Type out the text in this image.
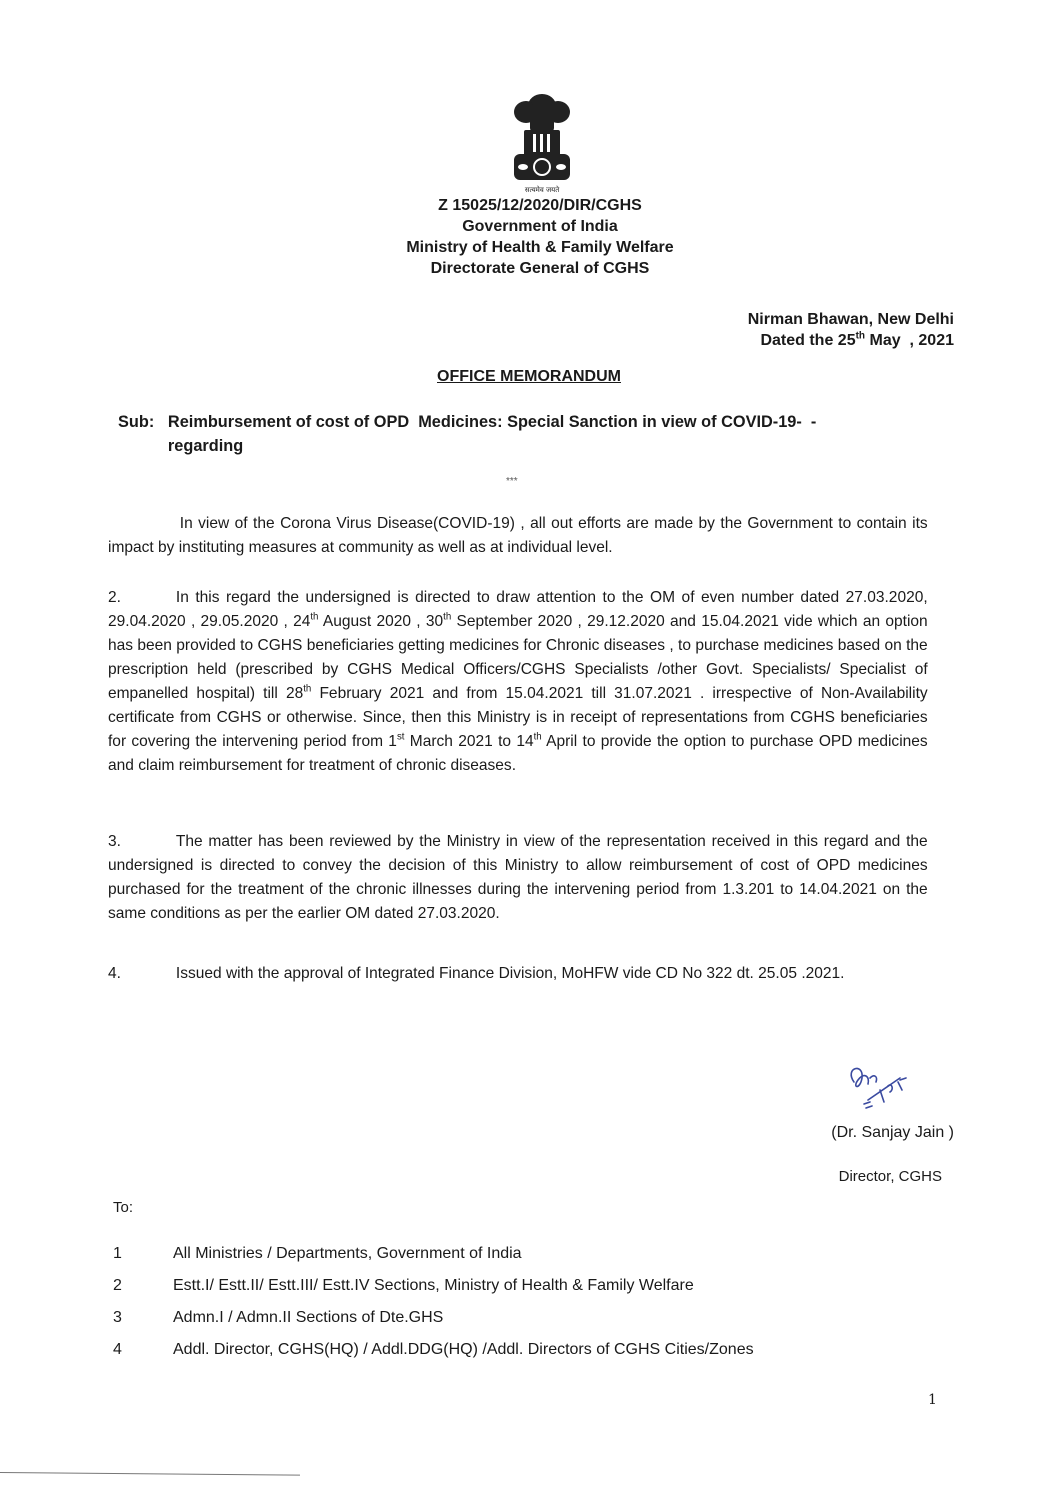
सत्यमेव जयते
Z 15025/12/2020/DIR/CGHS
Government of India
Ministry of Health & Family Welfare
Directorate General of CGHS
Nirman Bhawan, New Delhi
Dated the 25th May  , 2021
OFFICE MEMORANDUM
Sub: Reimbursement of cost of OPD  Medicines: Special Sanction in view of COVID-19-  -
regarding
***
In view of the Corona Virus Disease(COVID-19) , all out efforts are made by the Government to contain its impact by instituting measures at community as well as at individual level.
2.	In this regard the undersigned is directed to draw attention to the OM of even number dated 27.03.2020, 29.04.2020 , 29.05.2020 , 24th August 2020 , 30th September 2020 , 29.12.2020 and 15.04.2021 vide which an option has been provided to CGHS beneficiaries getting medicines for Chronic diseases , to purchase medicines based on the prescription held (prescribed by CGHS Medical Officers/CGHS Specialists /other Govt. Specialists/ Specialist of empanelled hospital) till 28th February 2021 and from 15.04.2021 till 31.07.2021 . irrespective of Non-Availability certificate from CGHS or otherwise. Since, then this Ministry is in receipt of representations from CGHS beneficiaries for covering the intervening period from 1st March 2021 to 14th April to provide the option to purchase OPD medicines and claim reimbursement for treatment of chronic diseases.
3.	The matter has been reviewed by the Ministry in view of the representation received in this regard and the undersigned is directed to convey the decision of this Ministry to allow reimbursement of cost of OPD medicines purchased for the treatment of the chronic illnesses during the intervening period from 1.3.201 to 14.04.2021 on the same conditions as per the earlier OM dated 27.03.2020.
4.	Issued with the approval of Integrated Finance Division, MoHFW vide CD No 322 dt. 25.05 .2021.
(Dr. Sanjay Jain )
Director, CGHS
To:
1	All Ministries / Departments, Government of India
2	Estt.I/ Estt.II/ Estt.III/ Estt.IV Sections, Ministry of Health & Family Welfare
3	Admn.I / Admn.II Sections of Dte.GHS
4	Addl. Director, CGHS(HQ) / Addl.DDG(HQ) /Addl. Directors of CGHS Cities/Zones
1
